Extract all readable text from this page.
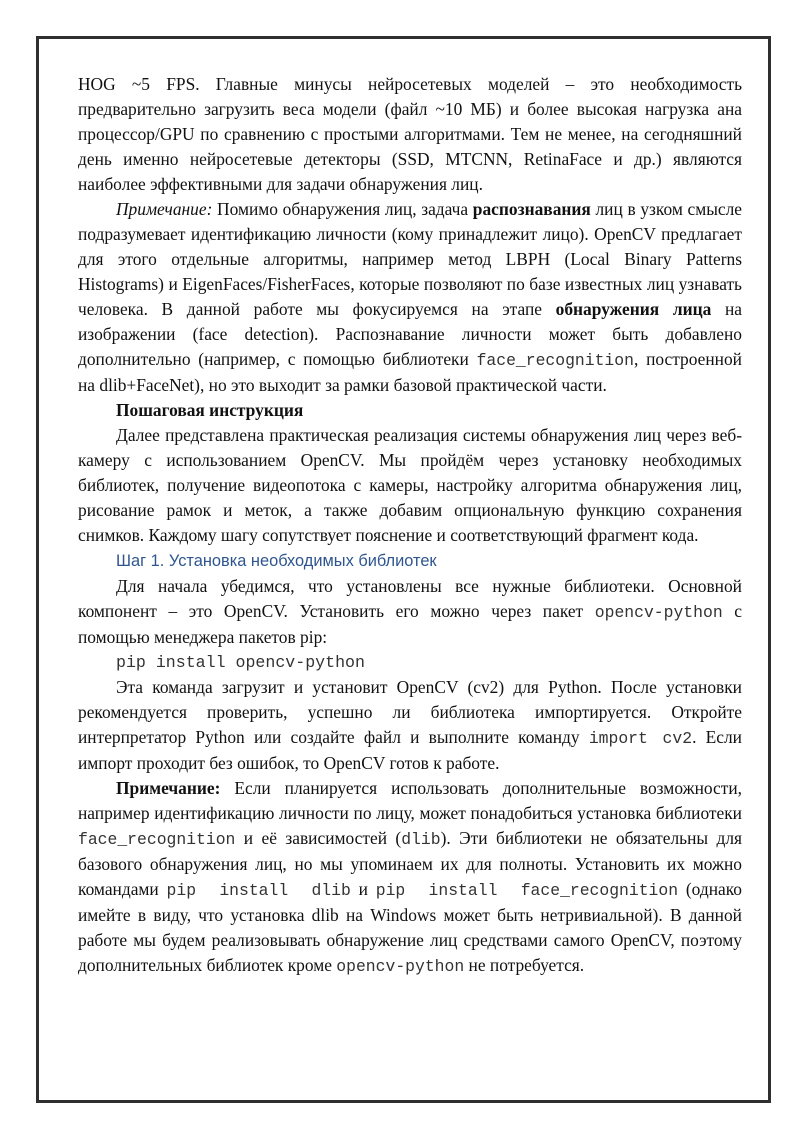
HOG ~5 FPS. Главные минусы нейросетевых моделей – это необходимость предварительно загрузить веса модели (файл ~10 МБ) и более высокая нагрузка ана процессор/GPU по сравнению с простыми алгоритмами. Тем не менее, на сегодняшний день именно нейросетевые детекторы (SSD, MTCNN, RetinaFace и др.) являются наиболее эффективными для задачи обнаружения лиц.

Примечание: Помимо обнаружения лиц, задача распознавания лиц в узком смысле подразумевает идентификацию личности (кому принадлежит лицо). OpenCV предлагает для этого отдельные алгоритмы, например метод LBPH (Local Binary Patterns Histograms) и EigenFaces/FisherFaces, которые позволяют по базе известных лиц узнавать человека. В данной работе мы фокусируемся на этапе обнаружения лица на изображении (face detection). Распознавание личности может быть добавлено дополнительно (например, с помощью библиотеки face_recognition, построенной на dlib+FaceNet), но это выходит за рамки базовой практической части.

Пошаговая инструкция

Далее представлена практическая реализация системы обнаружения лиц через веб-камеру с использованием OpenCV. Мы пройдём через установку необходимых библиотек, получение видеопотока с камеры, настройку алгоритма обнаружения лиц, рисование рамок и меток, а также добавим опциональную функцию сохранения снимков. Каждому шагу сопутствует пояснение и соответствующий фрагмент кода.

Шаг 1. Установка необходимых библиотек

Для начала убедимся, что установлены все нужные библиотеки. Основной компонент – это OpenCV. Установить его можно через пакет opencv-python с помощью менеджера пакетов pip:

pip install opencv-python

Эта команда загрузит и установит OpenCV (cv2) для Python. После установки рекомендуется проверить, успешно ли библиотека импортируется. Откройте интерпретатор Python или создайте файл и выполните команду import cv2. Если импорт проходит без ошибок, то OpenCV готов к работе.

Примечание: Если планируется использовать дополнительные возможности, например идентификацию личности по лицу, может понадобиться установка библиотеки face_recognition и её зависимостей (dlib). Эти библиотеки не обязательны для базового обнаружения лиц, но мы упоминаем их для полноты. Установить их можно командами pip install dlib и pip install face_recognition (однако имейте в виду, что установка dlib на Windows может быть нетривиальной). В данной работе мы будем реализовывать обнаружение лиц средствами самого OpenCV, поэтому дополнительных библиотек кроме opencv-python не потребуется.
